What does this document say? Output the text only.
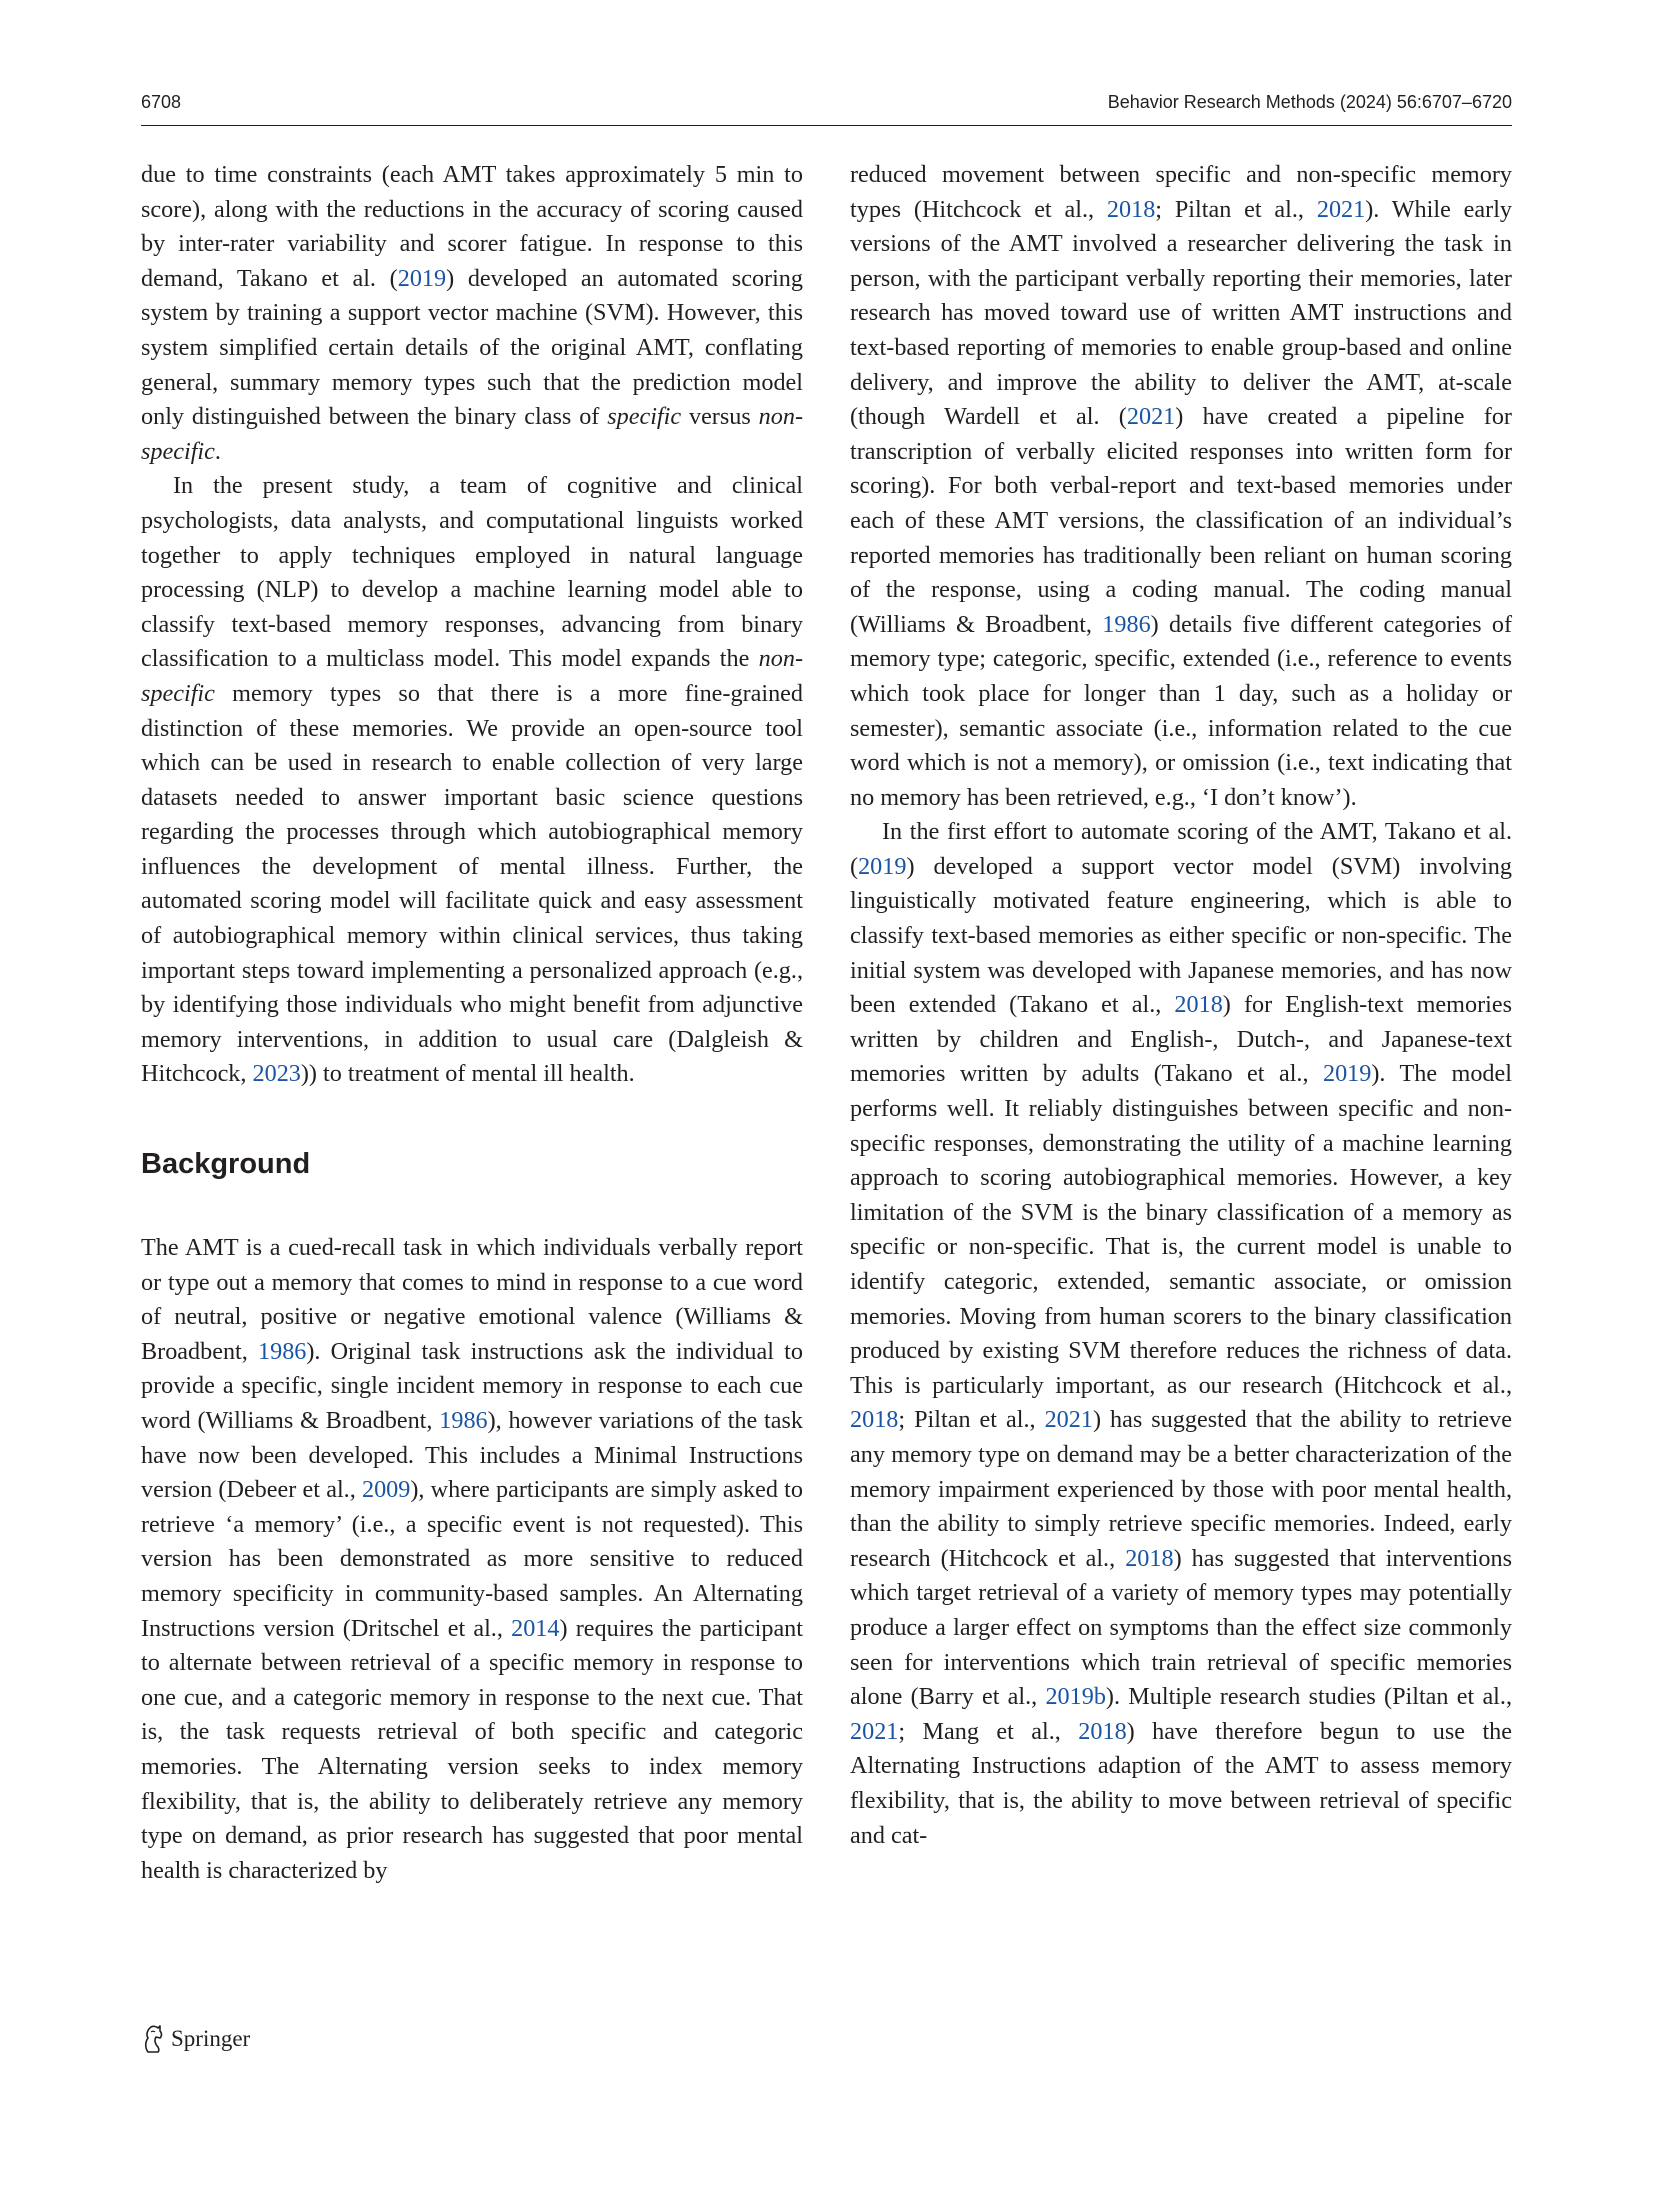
6708	Behavior Research Methods (2024) 56:6707–6720

due to time constraints (each AMT takes approximately 5 min to score), along with the reductions in the accuracy of scoring caused by inter-rater variability and scorer fatigue. In response to this demand, Takano et al. (2019) developed an automated scoring system by training a support vector machine (SVM). However, this system simplified certain details of the original AMT, conflating general, summary memory types such that the prediction model only distinguished between the binary class of specific versus non-specific.

In the present study, a team of cognitive and clinical psychologists, data analysts, and computational linguists worked together to apply techniques employed in natural language processing (NLP) to develop a machine learning model able to classify text-based memory responses, advancing from binary classification to a multiclass model. This model expands the non-specific memory types so that there is a more fine-grained distinction of these memories. We provide an open-source tool which can be used in research to enable collection of very large datasets needed to answer important basic science questions regarding the processes through which autobiographical memory influences the development of mental illness. Further, the automated scoring model will facilitate quick and easy assessment of autobiographical memory within clinical services, thus taking important steps toward implementing a personalized approach (e.g., by identifying those individuals who might benefit from adjunctive memory interventions, in addition to usual care (Dalgleish & Hitchcock, 2023)) to treatment of mental ill health.

Background

The AMT is a cued-recall task in which individuals verbally report or type out a memory that comes to mind in response to a cue word of neutral, positive or negative emotional valence (Williams & Broadbent, 1986). Original task instructions ask the individual to provide a specific, single incident memory in response to each cue word (Williams & Broadbent, 1986), however variations of the task have now been developed. This includes a Minimal Instructions version (Debeer et al., 2009), where participants are simply asked to retrieve ‘a memory’ (i.e., a specific event is not requested). This version has been demonstrated as more sensitive to reduced memory specificity in community-based samples. An Alternating Instructions version (Dritschel et al., 2014) requires the participant to alternate between retrieval of a specific memory in response to one cue, and a categoric memory in response to the next cue. That is, the task requests retrieval of both specific and categoric memories. The Alternating version seeks to index memory flexibility, that is, the ability to deliberately retrieve any memory type on demand, as prior research has suggested that poor mental health is characterized by

reduced movement between specific and non-specific memory types (Hitchcock et al., 2018; Piltan et al., 2021). While early versions of the AMT involved a researcher delivering the task in person, with the participant verbally reporting their memories, later research has moved toward use of written AMT instructions and text-based reporting of memories to enable group-based and online delivery, and improve the ability to deliver the AMT, at-scale (though Wardell et al. (2021) have created a pipeline for transcription of verbally elicited responses into written form for scoring). For both verbal-report and text-based memories under each of these AMT versions, the classification of an individual’s reported memories has traditionally been reliant on human scoring of the response, using a coding manual. The coding manual (Williams & Broadbent, 1986) details five different categories of memory type; categoric, specific, extended (i.e., reference to events which took place for longer than 1 day, such as a holiday or semester), semantic associate (i.e., information related to the cue word which is not a memory), or omission (i.e., text indicating that no memory has been retrieved, e.g., ‘I don’t know’).

In the first effort to automate scoring of the AMT, Takano et al. (2019) developed a support vector model (SVM) involving linguistically motivated feature engineering, which is able to classify text-based memories as either specific or non-specific. The initial system was developed with Japanese memories, and has now been extended (Takano et al., 2018) for English-text memories written by children and English-, Dutch-, and Japanese-text memories written by adults (Takano et al., 2019). The model performs well. It reliably distinguishes between specific and non-specific responses, demonstrating the utility of a machine learning approach to scoring autobiographical memories. However, a key limitation of the SVM is the binary classification of a memory as specific or non-specific. That is, the current model is unable to identify categoric, extended, semantic associate, or omission memories. Moving from human scorers to the binary classification produced by existing SVM therefore reduces the richness of data. This is particularly important, as our research (Hitchcock et al., 2018; Piltan et al., 2021) has suggested that the ability to retrieve any memory type on demand may be a better characterization of the memory impairment experienced by those with poor mental health, than the ability to simply retrieve specific memories. Indeed, early research (Hitchcock et al., 2018) has suggested that interventions which target retrieval of a variety of memory types may potentially produce a larger effect on symptoms than the effect size commonly seen for interventions which train retrieval of specific memories alone (Barry et al., 2019b). Multiple research studies (Piltan et al., 2021; Mang et al., 2018) have therefore begun to use the Alternating Instructions adaption of the AMT to assess memory flexibility, that is, the ability to move between retrieval of specific and cat-

Springer
